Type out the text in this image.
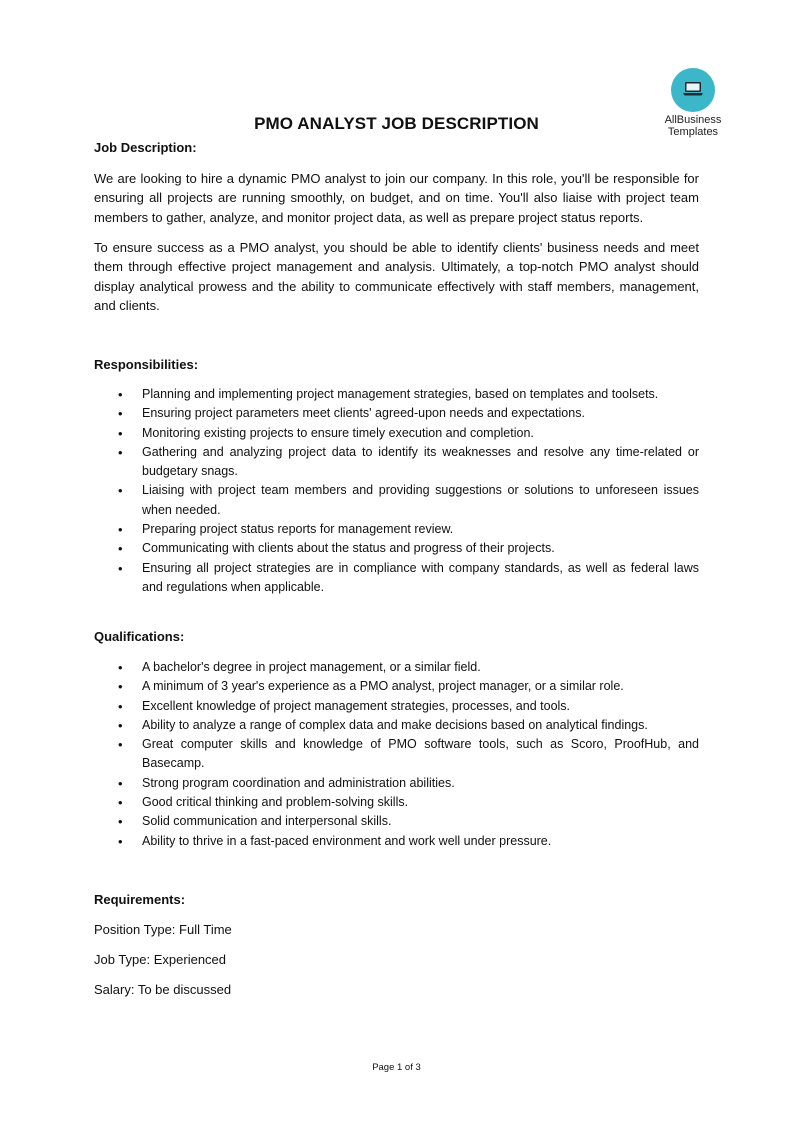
AllBusiness
Templates
PMO ANALYST JOB DESCRIPTION

Job Description:

We are looking to hire a dynamic PMO analyst to join our company. In this role, you'll be responsible for ensuring all projects are running smoothly, on budget, and on time. You'll also liaise with project team members to gather, analyze, and monitor project data, as well as prepare project status reports.

To ensure success as a PMO analyst, you should be able to identify clients' business needs and meet them through effective project management and analysis. Ultimately, a top-notch PMO analyst should display analytical prowess and the ability to communicate effectively with staff members, management, and clients.

Responsibilities:

• Planning and implementing project management strategies, based on templates and toolsets.
• Ensuring project parameters meet clients' agreed-upon needs and expectations.
• Monitoring existing projects to ensure timely execution and completion.
• Gathering and analyzing project data to identify its weaknesses and resolve any time-related or budgetary snags.
• Liaising with project team members and providing suggestions or solutions to unforeseen issues when needed.
• Preparing project status reports for management review.
• Communicating with clients about the status and progress of their projects.
• Ensuring all project strategies are in compliance with company standards, as well as federal laws and regulations when applicable.

Qualifications:

• A bachelor's degree in project management, or a similar field.
• A minimum of 3 year's experience as a PMO analyst, project manager, or a similar role.
• Excellent knowledge of project management strategies, processes, and tools.
• Ability to analyze a range of complex data and make decisions based on analytical findings.
• Great computer skills and knowledge of PMO software tools, such as Scoro, ProofHub, and Basecamp.
• Strong program coordination and administration abilities.
• Good critical thinking and problem-solving skills.
• Solid communication and interpersonal skills.
• Ability to thrive in a fast-paced environment and work well under pressure.

Requirements:

Position Type: Full Time

Job Type: Experienced

Salary: To be discussed

Page 1 of 3
